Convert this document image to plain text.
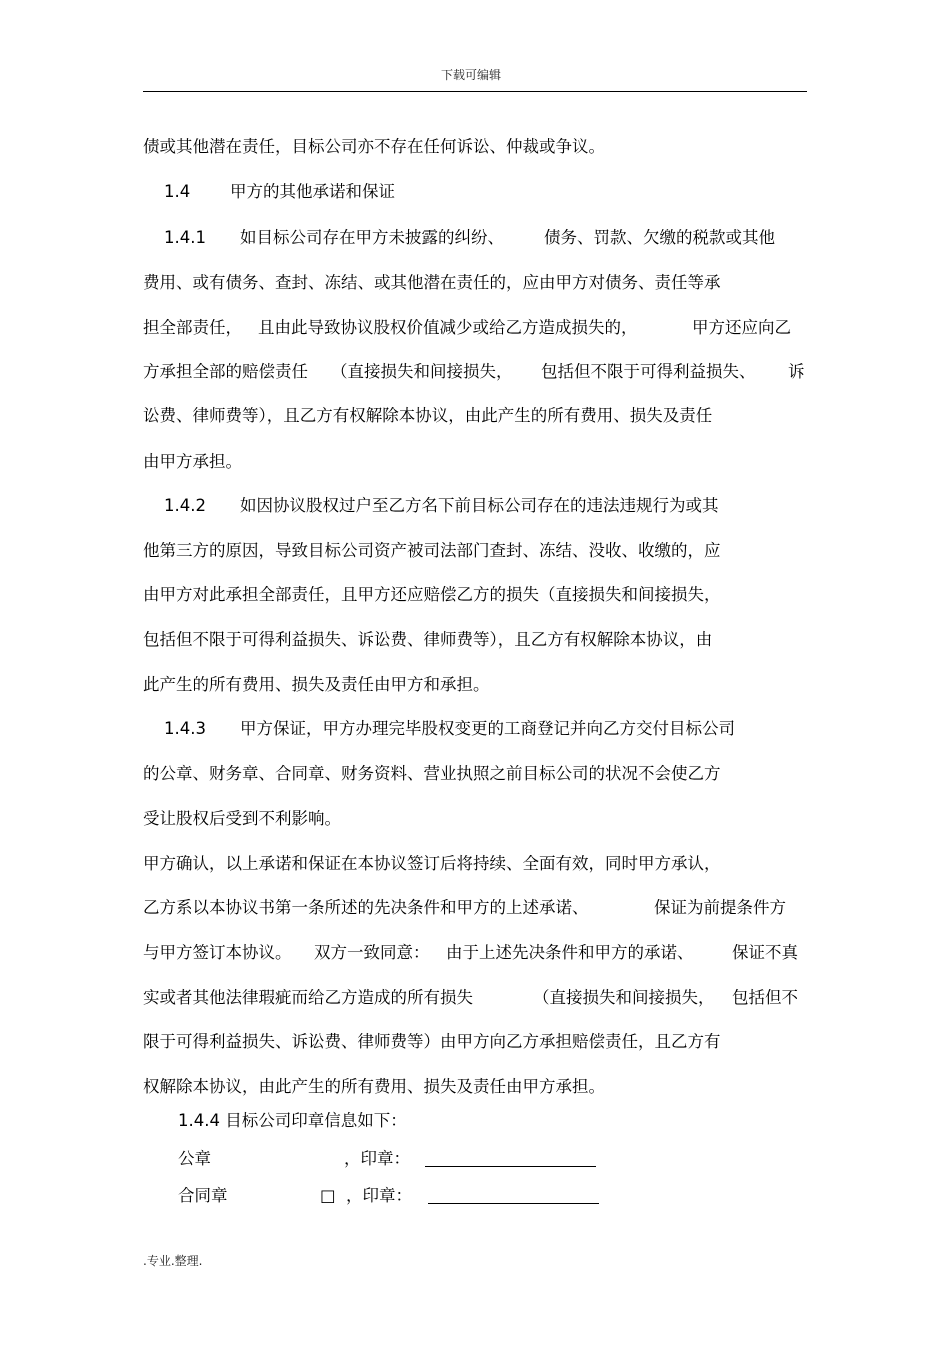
下载可编辑
债或其他潜在责任，目标公司亦不存在任何诉讼、仲裁或争议。
1.4 甲方的其他承诺和保证
1.4.1 如目标公司存在甲方未披露的纠纷、 债务、罚款、欠缴的税款或其他
费用、或有债务、查封、冻结、或其他潜在责任的，应由甲方对债务、责任等承
担全部责任， 且由此导致协议股权价值减少或给乙方造成损失的，	甲方还应向乙
方承担全部的赔偿责任 （直接损失和间接损失， 包括但不限于可得利益损失、 诉
讼费、律师费等），且乙方有权解除本协议，由此产生的所有费用、损失及责任
由甲方承担。
1.4.2 如因协议股权过户至乙方名下前目标公司存在的违法违规行为或其
他第三方的原因，导致目标公司资产被司法部门查封、冻结、没收、收缴的，应
由甲方对此承担全部责任，且甲方还应赔偿乙方的损失（直接损失和间接损失，
包括但不限于可得利益损失、诉讼费、律师费等），且乙方有权解除本协议，由
此产生的所有费用、损失及责任由甲方和承担。
1.4.3 甲方保证，甲方办理完毕股权变更的工商登记并向乙方交付目标公司
的公章、财务章、合同章、财务资料、营业执照之前目标公司的状况不会使乙方
受让股权后受到不利影响。
甲方确认，以上承诺和保证在本协议签订后将持续、全面有效，同时甲方承认，
乙方系以本协议书第一条所述的先决条件和甲方的上述承诺、	保证为前提条件方
与甲方签订本协议。 双方一致同意： 由于上述先决条件和甲方的承诺、 保证不真
实或者其他法律瑕疵而给乙方造成的所有损失	（直接损失和间接损失， 包括但不
限于可得利益损失、诉讼费、律师费等）由甲方向乙方承担赔偿责任，且乙方有
权解除本协议，由此产生的所有费用、损失及责任由甲方承担。
1.4.4 目标公司印章信息如下：
公章	，印章：
合同章	□ ，印章：
.专业.整理.
